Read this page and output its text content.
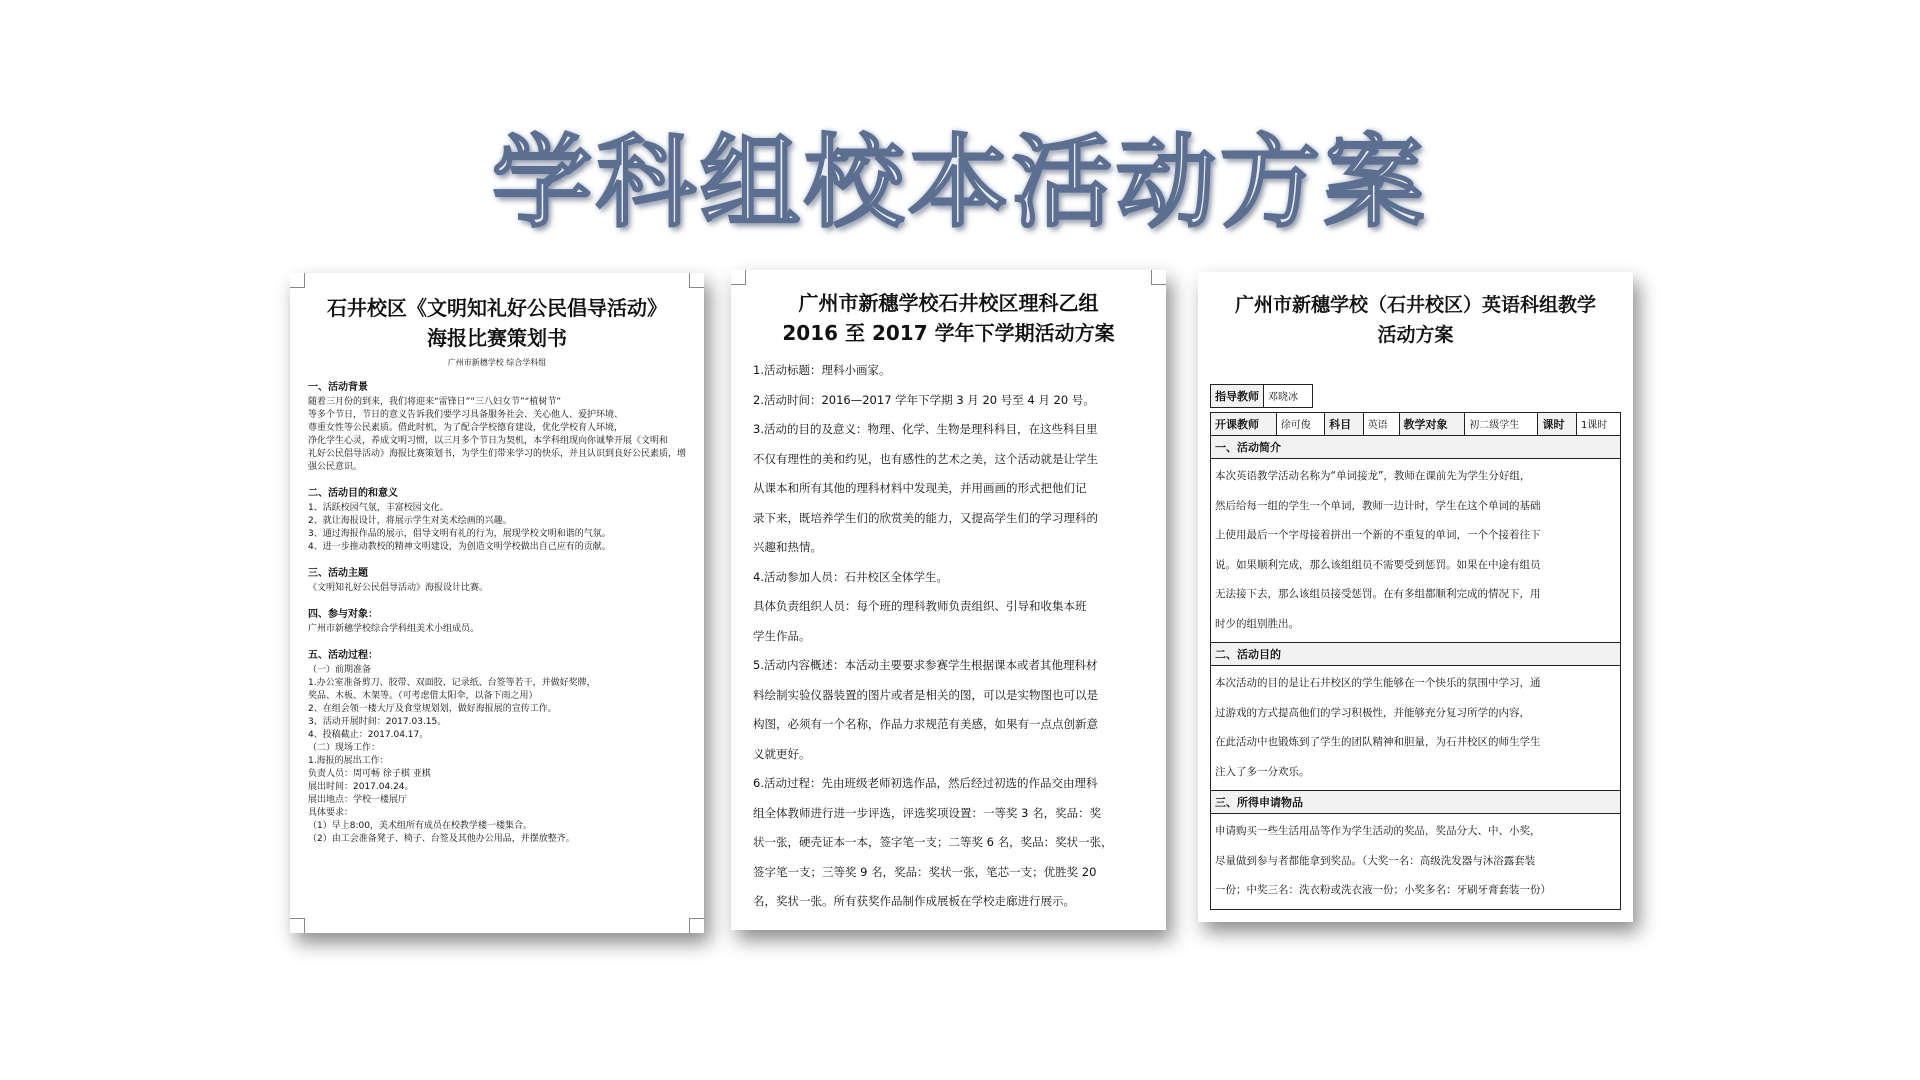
学科组校本活动方案

石井校区《文明知礼好公民倡导活动》

海报比赛策划书

广州市新穗学校 综合学科组

一、活动背景

随着三月份的到来，我们将迎来“雷锋日”“三八妇女节”“植树节”

等多个节日，节日的意义告诉我们要学习具备服务社会、关心他人、爱护环境、

尊重女性等公民素质。借此时机，为了配合学校德育建设，优化学校育人环境，

净化学生心灵，养成文明习惯，以三月多个节日为契机，本学科组现向你诚挚开展《文明和

礼好公民倡导活动》海报比赛策划书，为学生们带来学习的快乐，并且认识到良好公民素质，增

强公民意识。

二、活动目的和意义

1、活跃校园气氛，丰富校园文化。

2、就让海报设计，将展示学生对美术绘画的兴趣。

3、通过海报作品的展示，倡导文明有礼的行为，展现学校文明和谐的气氛。

4、进一步推动教校的精神文明建设，为创造文明学校做出自己应有的贡献。

三、活动主题

《文明知礼好公民倡导活动》海报设计比赛。

四、参与对象：

广州市新穗学校综合学科组美术小组成员。

五、活动过程：

（一）前期准备

1.办公室准备剪刀、胶带、双面胶、记录纸、台签等若干，并做好奖牌，

奖品、木板、木架等。（可考虑借太阳伞，以备下雨之用）

2、在组会领一楼大厅及食堂规划划，做好海报展的宣传工作。

3、活动开展时间：2017.03.15。

4、投稿截止：2017.04.17。

（二）现场工作：

1.海报的展出工作：

负责人员：周可畅 徐子棋 亚棋

展出时间：2017.04.24。

展出地点：学校一楼展厅

具体要求：

（1）早上8:00，美术组所有成员在校教学楼一楼集合。

（2）由工会准备凳子、椅子、台签及其他办公用品，并摆放整齐。

广州市新穗学校石井校区理科乙组

2016 至 2017 学年下学期活动方案

1.活动标题：理科小画家。

2.活动时间：2016—2017 学年下学期 3 月 20 号至 4 月 20 号。

3.活动的目的及意义：物理、化学、生物是理科科目，在这些科目里

不仅有理性的美和约见，也有感性的艺术之美，这个活动就是让学生

从课本和所有其他的理科材料中发现美，并用画画的形式把他们记

录下来，既培养学生们的欣赏美的能力，又提高学生们的学习理科的

兴趣和热情。

4.活动参加人员：石井校区全体学生。

具体负责组织人员：每个班的理科教师负责组织、引导和收集本班

学生作品。

5.活动内容概述：本活动主要要求参赛学生根据课本或者其他理科材

料绘制实验仪器装置的图片或者是相关的图，可以是实物图也可以是

构图，必须有一个名称，作品力求规范有美感，如果有一点点创新意

义就更好。

6.活动过程：先由班级老师初选作品，然后经过初选的作品交由理科

组全体教师进行进一步评选，评选奖项设置：一等奖 3 名，奖品：奖

状一张，硬壳证本一本，签字笔一支；二等奖 6 名，奖品：奖状一张，

签字笔一支；三等奖 9 名，奖品：奖状一张，笔芯一支；优胜奖 20

名，奖状一张。所有获奖作品制作成展板在学校走廊进行展示。

广州市新穗学校（石井校区）英语科组教学

活动方案

指导教师	邓晓冰
开课教师	徐可俊	科目	英语	教学对象	初二级学生	课时	1课时
一、活动简介

本次英语教学活动名称为“单词接龙”，教师在课前先为学生分好组，
然后给每一组的学生一个单词，教师一边计时，学生在这个单词的基础
上使用最后一个字母接着拼出一个新的不重复的单词，一个个接着往下
说。如果顺利完成，那么该组组员不需要受到惩罚。如果在中途有组员
无法接下去，那么该组员接受惩罚。在有多组都顺利完成的情况下，用
时少的组别胜出。

二、活动目的

本次活动的目的是让石井校区的学生能够在一个快乐的氛围中学习，通
过游戏的方式提高他们的学习积极性，并能够充分复习所学的内容，
在此活动中也锻炼到了学生的团队精神和胆量，为石井校区的师生学生
注入了多一分欢乐。

三、所得申请物品

申请购买一些生活用品等作为学生活动的奖品，奖品分大、中、小奖，
尽量做到参与者都能拿到奖品。（大奖一名：高级洗发器与沐浴露套装
一份；中奖三名：洗衣粉或洗衣液一份；小奖多名：牙刷牙膏套装一份）
